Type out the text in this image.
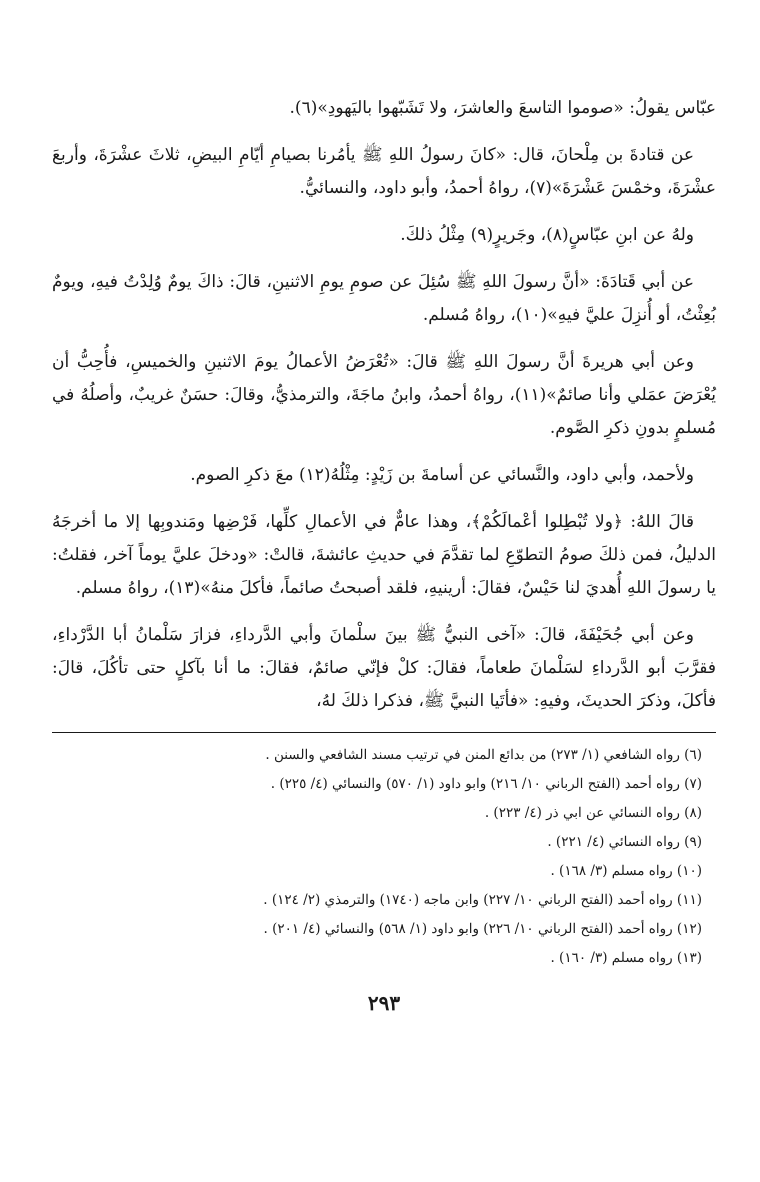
عبّاس يقولُ: «صوموا التاسعَ والعاشرَ، ولا تَشَبّهوا باليَهودِ»(٦).

عن قتادةَ بن مِلْحانَ، قال: «كانَ رسولُ اللهِ ﷺ يأمُرنا بصيامِ أيّامِ البيضِ، ثلاثَ عشْرَةَ، وأربعَ عشْرَةَ، وخمْسَ عَشْرَةَ»(٧)، رواهُ أحمدُ، وأبو داود، والنسائيُّ.

ولهُ عن ابنِ عبّاسٍ(٨)، وجَريرٍ(٩) مِثْلُ ذلكَ.

عن أبي قَتادَةَ: «أنَّ رسولَ اللهِ ﷺ سُئِلَ عن صومِ يومِ الاثنينِ، قالَ: ذاكَ يومٌ وُلِدْتُ فيهِ، ويومٌ بُعِثْتُ، أو أُنزِلَ عليَّ فيهِ»(١٠)، رواهُ مُسلم.

وعن أبي هريرةَ أنَّ رسولَ اللهِ ﷺ قالَ: «تُعْرَضُ الأعمالُ يومَ الاثنينِ والخميسِ، فأُحِبُّ أن يُعْرَضَ عمَلي وأنا صائمٌ»(١١)، رواهُ أحمدُ، وابنُ ماجَةَ، والترمذيُّ، وقالَ: حسَنٌ غريبٌ، وأصلُهُ في مُسلمٍ بدونِ ذكرِ الصَّوم.

ولأحمد، وأبي داود، والنَّسائي عن أسامةَ بن زَيْدٍ: مِثْلُهُ(١٢) معَ ذكرِ الصوم.

قالَ اللهُ: ﴿ولا تُبْطِلوا أعْمالَكُمْ﴾، وهذا عامٌّ في الأعمالِ كلِّها، فَرْضِها ومَندوبِها إلا ما أخرجَهُ الدليلُ، فمن ذلكَ صومُ التطوّعِ لما تقدَّمَ في حديثِ عائشةَ، قالتْ: «ودخلَ عليَّ يوماً آخر، فقلتُ: يا رسولَ اللهِ أُهديَ لنا حَيْسٌ، فقالَ: أرينيهِ، فلقد أصبحتُ صائماً، فأكلَ منهُ»(١٣)، رواهُ مسلم.

وعن أبي جُحَيْفَةَ، قالَ: «آخى النبيُّ ﷺ بينَ سلْمانَ وأبي الدَّرداءِ، فزارَ سَلْمانُ أبا الدَّرْداءِ، فقرَّبَ أبو الدَّرداءِ لسَلْمانَ طعاماً، فقالَ: كلْ فإنّي صائمٌ، فقالَ: ما أنا بآكلٍ حتى تأكُلَ، قالَ: فأكلَ، وذكرَ الحديثَ، وفيهِ: «فأتَيا النبيَّ ﷺ، فذكرا ذلكَ لهُ،

(٦) رواه الشافعي (١/ ٢٧٣) من بدائع المنن في ترتيب مسند الشافعي والسنن .
(٧) رواه أحمد (الفتح الرباني ١٠/ ٢١٦) وابو داود (١/ ٥٧٠) والنسائي (٤/ ٢٢٥) .
(٨) رواه النسائي عن ابي ذر (٤/ ٢٢٣) .
(٩) رواه النسائي (٤/ ٢٢١) .
(١٠) رواه مسلم (٣/ ١٦٨) .
(١١) رواه أحمد (الفتح الرباني ١٠/ ٢٢٧) وابن ماجه (١٧٤٠) والترمذي (٢/ ١٢٤) .
(١٢) رواه أحمد (الفتح الرباني ١٠/ ٢٢٦) وابو داود (١/ ٥٦٨) والنسائي (٤/ ٢٠١) .
(١٣) رواه مسلم (٣/ ١٦٠) .
٢٩٣
